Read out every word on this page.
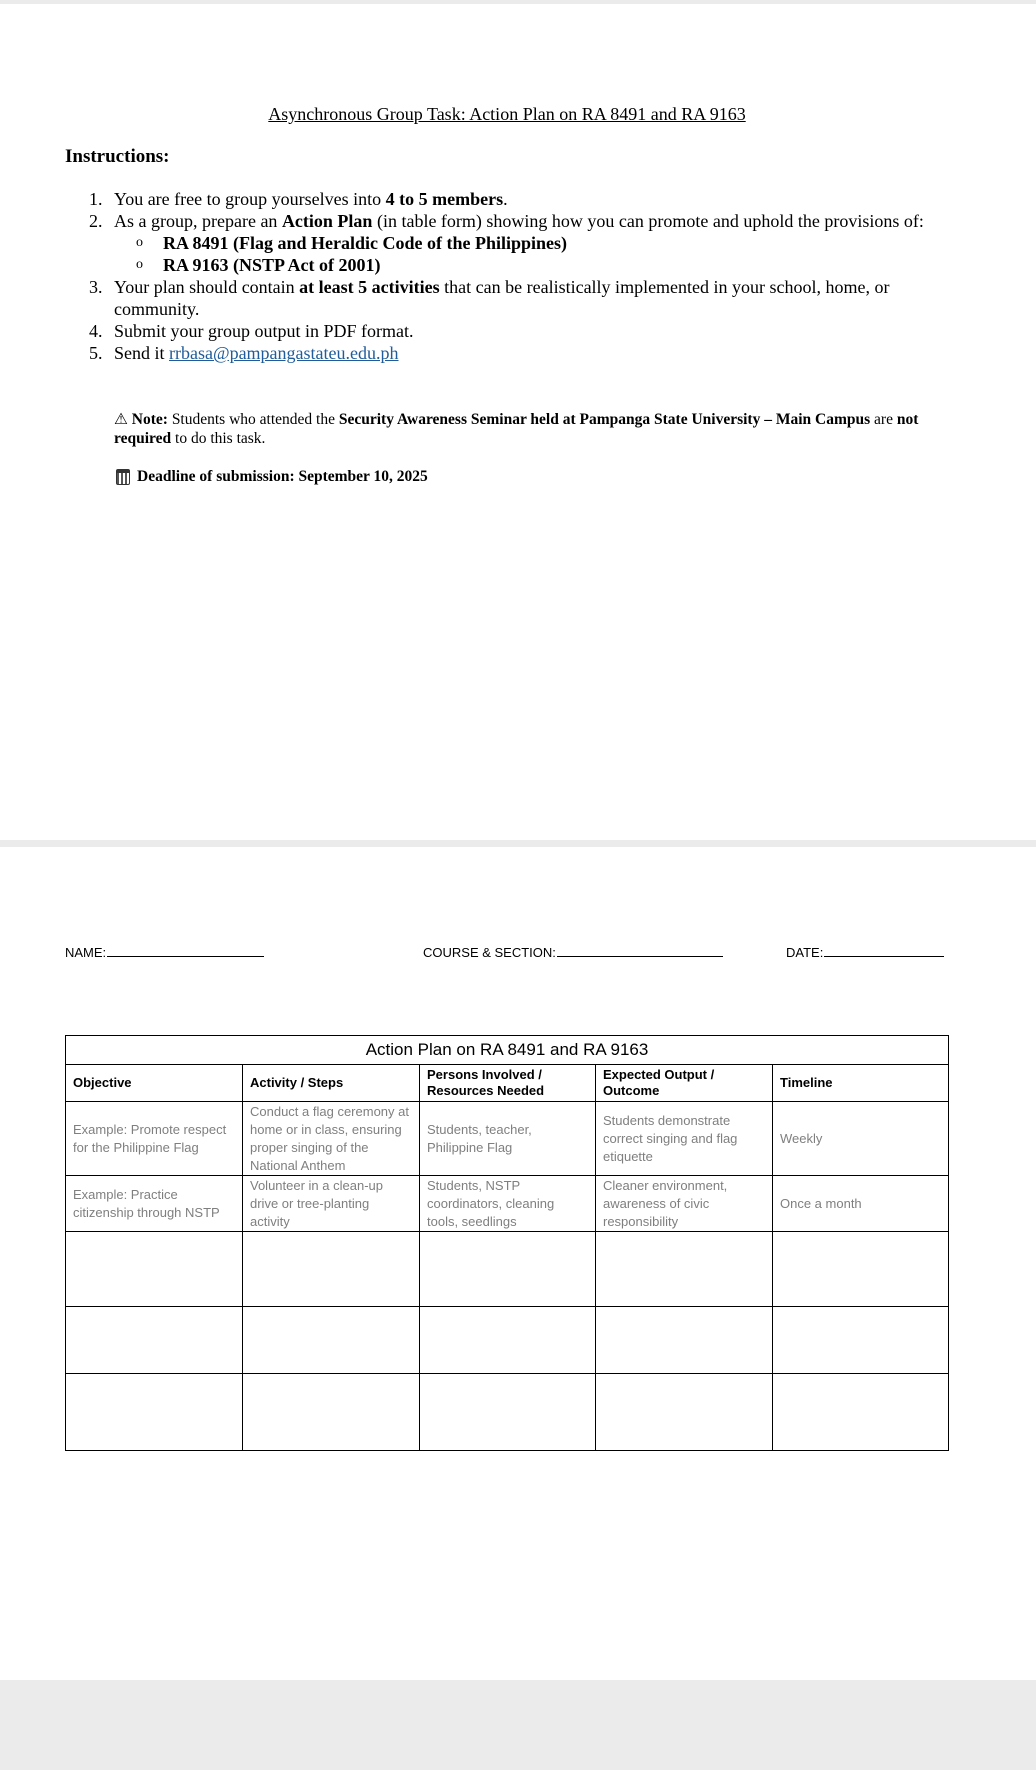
Asynchronous Group Task: Action Plan on RA 8491 and RA 9163
Instructions:
1. You are free to group yourselves into 4 to 5 members.
2. As a group, prepare an Action Plan (in table form) showing how you can promote and uphold the provisions of:
o RA 8491 (Flag and Heraldic Code of the Philippines)
o RA 9163 (NSTP Act of 2001)
3. Your plan should contain at least 5 activities that can be realistically implemented in your school, home, or community.
4. Submit your group output in PDF format.
5. Send it rrbasa@pampangastateu.edu.ph

⚠ Note: Students who attended the Security Awareness Seminar held at Pampanga State University – Main Campus are not required to do this task.

Deadline of submission: September 10, 2025

NAME:	COURSE & SECTION:	DATE:

Action Plan on RA 8491 and RA 9163				
Objective	Activity / Steps	Persons Involved / Resources Needed	Expected Output / Outcome	Timeline
Example: Promote respect for the Philippine Flag	Conduct a flag ceremony at home or in class, ensuring proper singing of the National Anthem	Students, teacher, Philippine Flag	Students demonstrate correct singing and flag etiquette	Weekly
Example: Practice citizenship through NSTP	Volunteer in a clean-up drive or tree-planting activity	Students, NSTP coordinators, cleaning tools, seedlings	Cleaner environment, awareness of civic responsibility	Once a month
